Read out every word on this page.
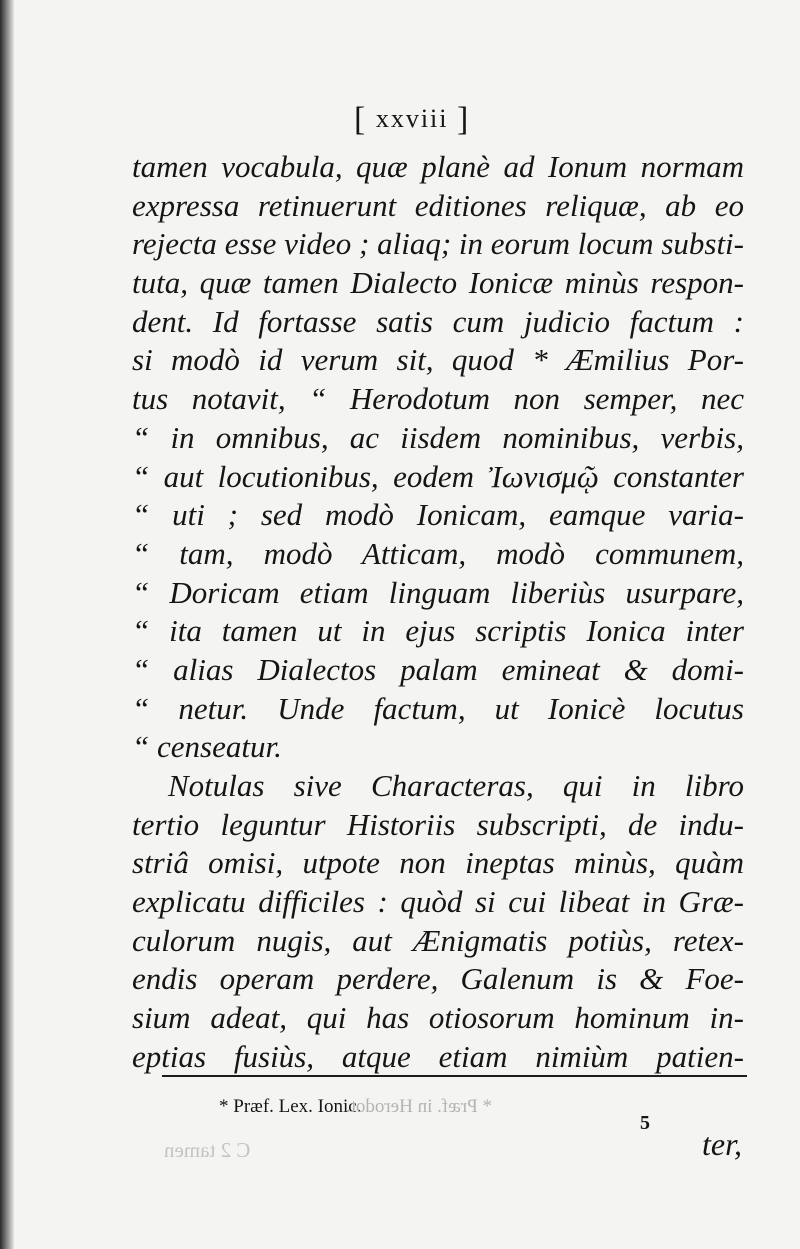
[ xxviii ]
tamen vocabula, quæ planè ad Ionum normam
expressa retinuerunt editiones reliquæ, ab eo
rejecta esse video ; aliaq; in eorum locum substi-
tuta, quæ tamen Dialecto Ionicæ minùs respon-
dent. Id fortasse satis cum judicio factum :
si modò id verum sit, quod * Æmilius Por-
tus notavit, “ Herodotum non semper, nec
“ in omnibus, ac iisdem nominibus, verbis,
“ aut locutionibus, eodem Ἰωνισμῷ constanter
“ uti ; sed modò Ionicam, eamque varia-
“ tam, modò Atticam, modò communem,
“ Doricam etiam linguam liberiùs usurpare,
“ ita tamen ut in ejus scriptis Ionica inter
“ alias Dialectos palam emineat & domi-
“ netur. Unde factum, ut Ionicè locutus
“ censeatur.
Notulas sive Characteras, qui in libro
tertio leguntur Historiis subscripti, de indu-
striâ omisi, utpote non ineptas minùs, quàm
explicatu difficiles : quòd si cui libeat in Græ-
culorum nugis, aut Ænigmatis potiùs, retex-
endis operam perdere, Galenum is & Foe-
sium adeat, qui has otiosorum hominum in-
eptias fusiùs, atque etiam nimiùm patien-
* Præf. Lex. Ionic.
* Præf. in Herodot.
C 2 tamen
5
ter,
